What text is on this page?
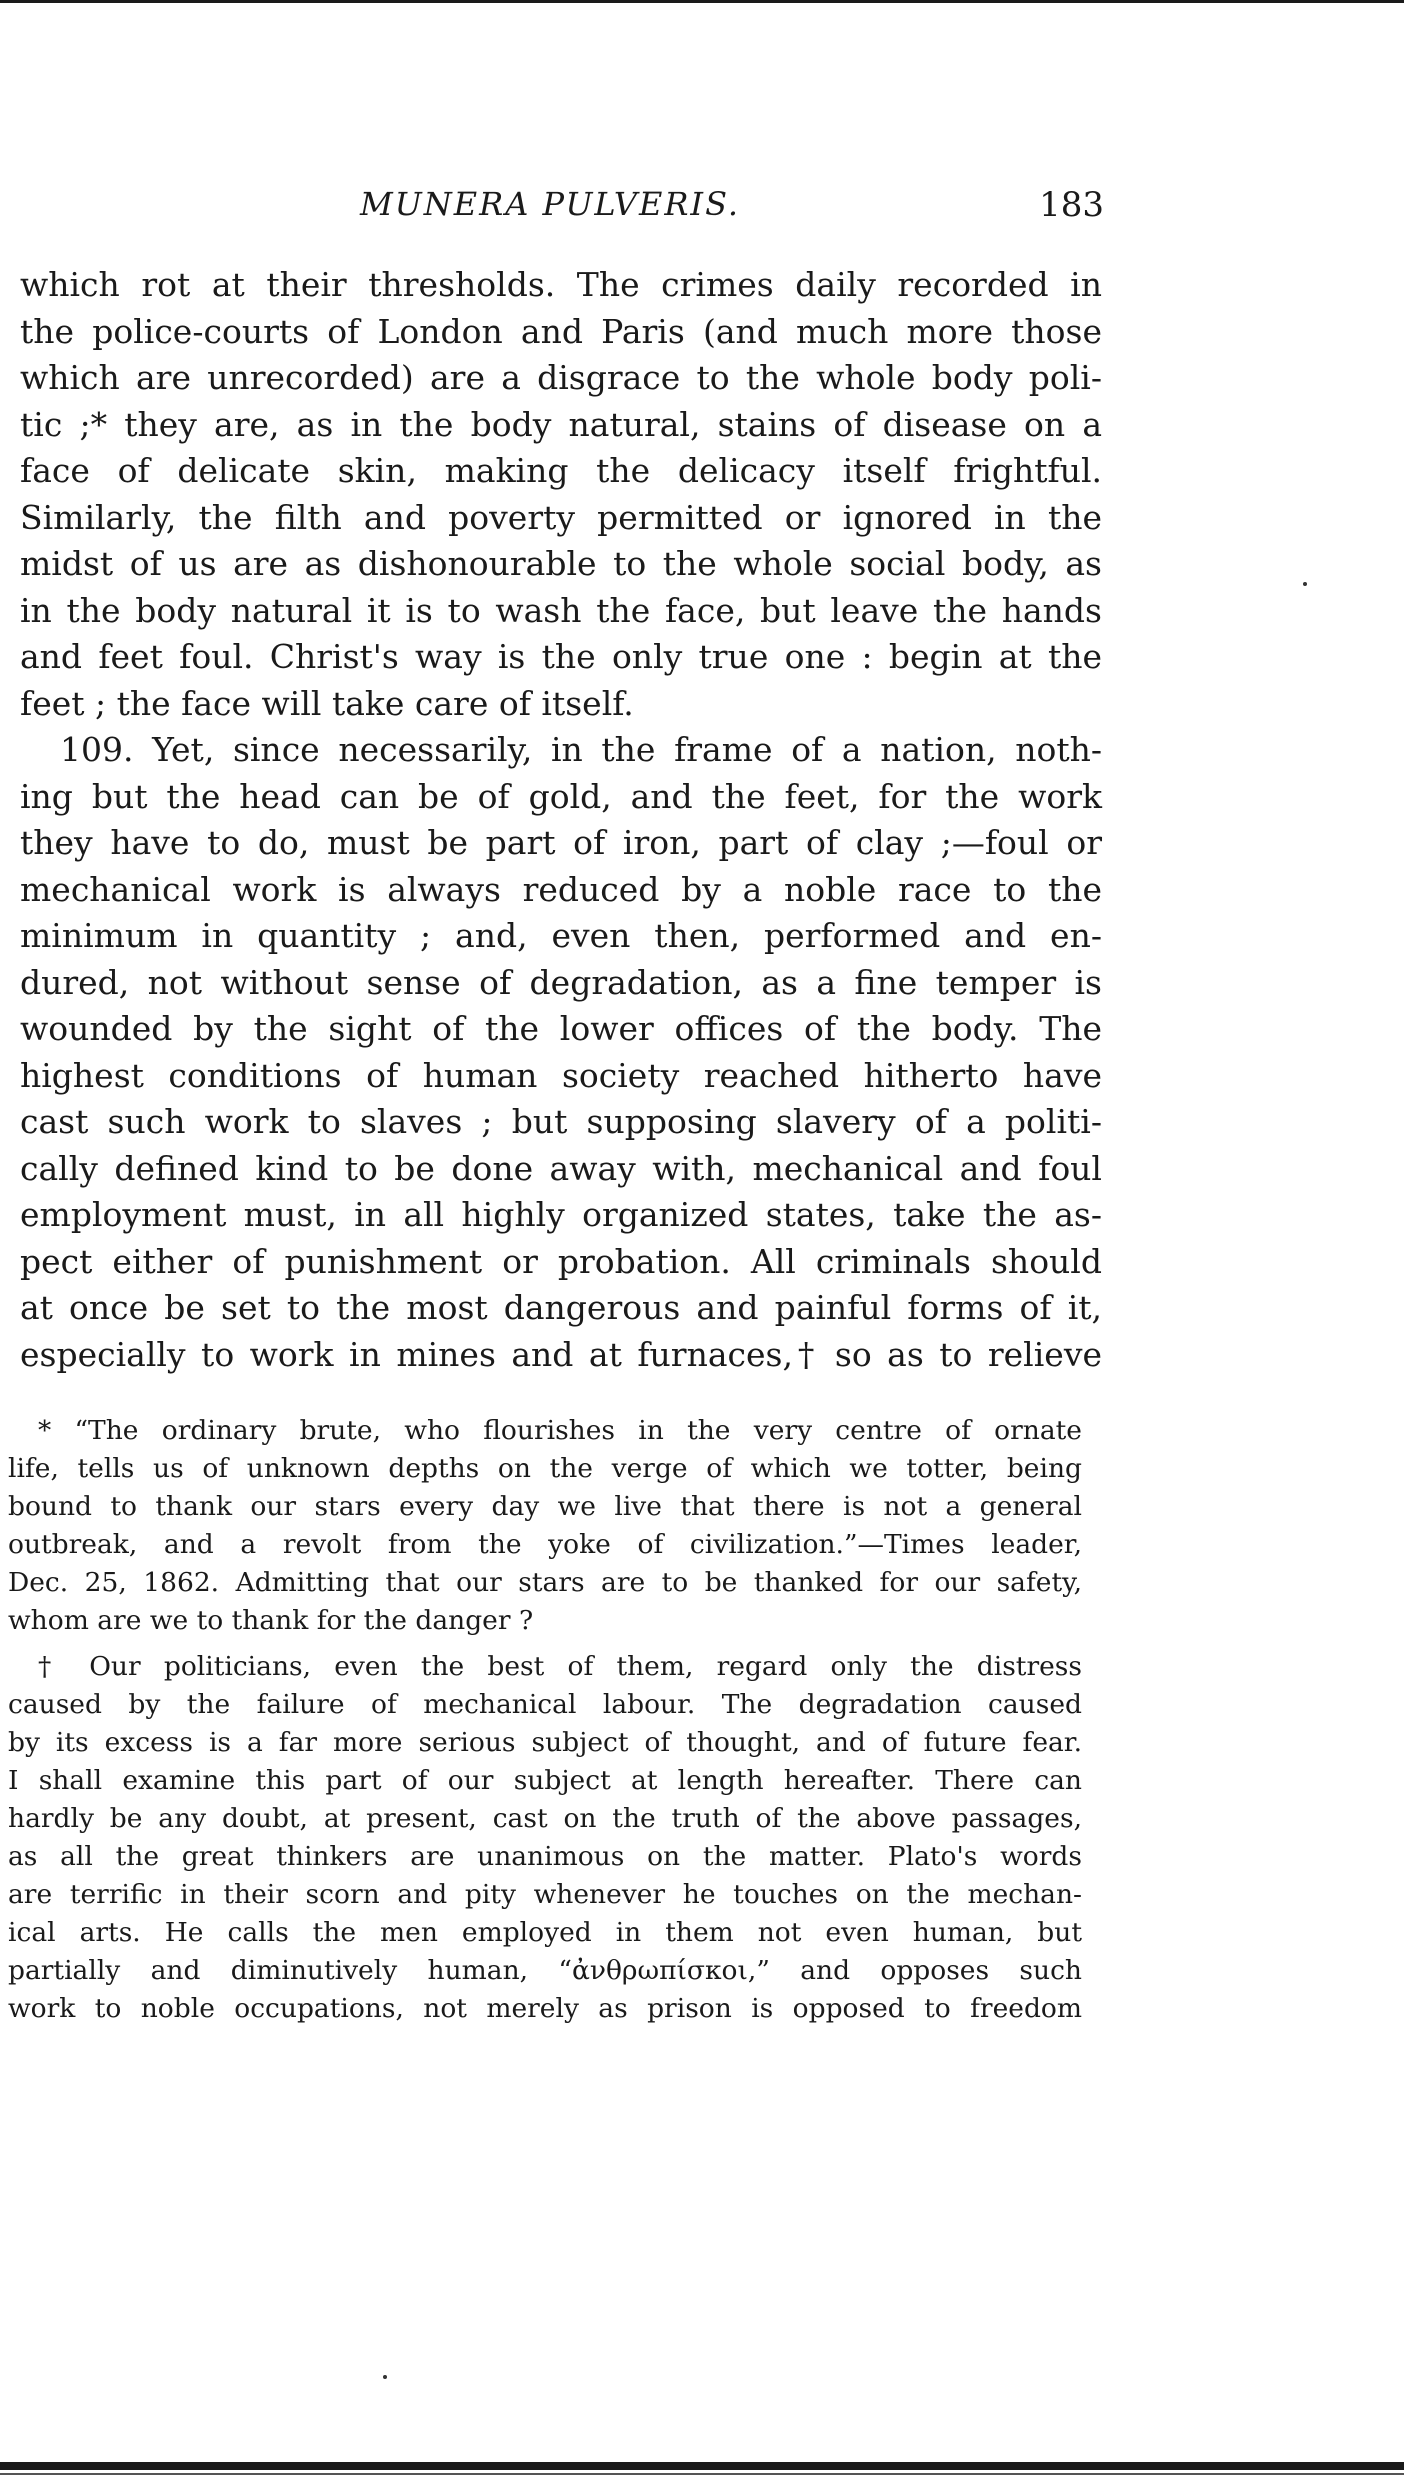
MUNERA PULVERIS.	183
which rot at their thresholds. The crimes daily recorded in
the police-courts of London and Paris (and much more those
which are unrecorded) are a disgrace to the whole body poli-
tic ;* they are, as in the body natural, stains of disease on a
face of delicate skin, making the delicacy itself frightful.
Similarly, the filth and poverty permitted or ignored in the
midst of us are as dishonourable to the whole social body, as
in the body natural it is to wash the face, but leave the hands
and feet foul. Christ's way is the only true one : begin at the
feet ; the face will take care of itself.
109. Yet, since necessarily, in the frame of a nation, noth-
ing but the head can be of gold, and the feet, for the work
they have to do, must be part of iron, part of clay ;—foul or
mechanical work is always reduced by a noble race to the
minimum in quantity ; and, even then, performed and en-
dured, not without sense of degradation, as a fine temper is
wounded by the sight of the lower offices of the body. The
highest conditions of human society reached hitherto have
cast such work to slaves ; but supposing slavery of a politi-
cally defined kind to be done away with, mechanical and foul
employment must, in all highly organized states, take the as-
pect either of punishment or probation. All criminals should
at once be set to the most dangerous and painful forms of it,
especially to work in mines and at furnaces,† so as to relieve
* “The ordinary brute, who flourishes in the very centre of ornate
life, tells us of unknown depths on the verge of which we totter, being
bound to thank our stars every day we live that there is not a general
outbreak, and a revolt from the yoke of civilization.”—Times leader,
Dec. 25, 1862. Admitting that our stars are to be thanked for our safety,
whom are we to thank for the danger ?
† Our politicians, even the best of them, regard only the distress
caused by the failure of mechanical labour. The degradation caused
by its excess is a far more serious subject of thought, and of future fear.
I shall examine this part of our subject at length hereafter. There can
hardly be any doubt, at present, cast on the truth of the above passages,
as all the great thinkers are unanimous on the matter. Plato's words
are terrific in their scorn and pity whenever he touches on the mechan-
ical arts. He calls the men employed in them not even human, but
partially and diminutively human, “ἀνθρωπίσκοι,” and opposes such
work to noble occupations, not merely as prison is opposed to freedom
